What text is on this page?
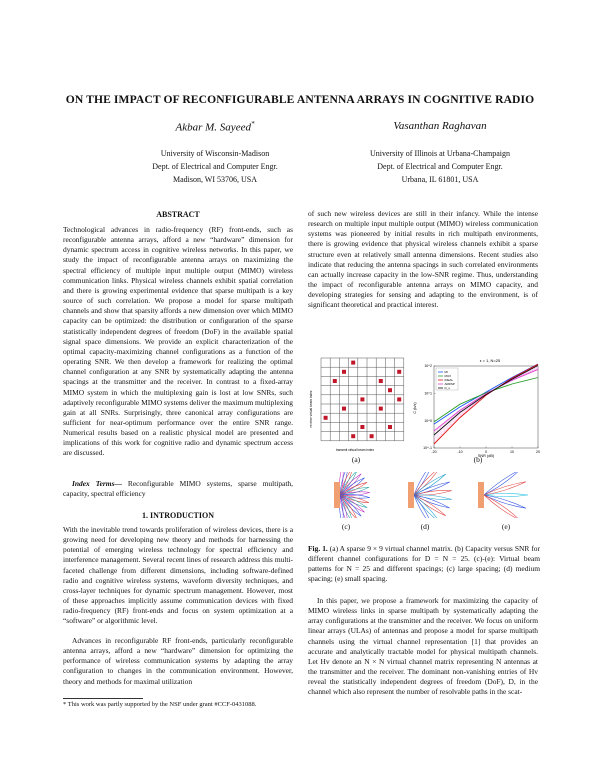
ON THE IMPACT OF RECONFIGURABLE ANTENNA ARRAYS IN COGNITIVE RADIO
Akbar M. Sayeed*
University of Wisconsin-Madison
Dept. of Electrical and Computer Engr.
Madison, WI 53706, USA
Vasanthan Raghavan
University of Illinois at Urbana-Champaign
Dept. of Electrical and Computer Engr.
Urbana, IL 61801, USA
ABSTRACT
Technological advances in radio-frequency (RF) front-ends, such as reconfigurable antenna arrays, afford a new “hardware” dimension for dynamic spectrum access in cognitive wireless networks. In this paper, we study the impact of reconfigurable antenna arrays on maximizing the spectral efficiency of multiple input multiple output (MIMO) wireless communication links. Physical wireless channels exhibit spatial correlation and there is growing experimental evidence that sparse multipath is a key source of such correlation. We propose a model for sparse multipath channels and show that sparsity affords a new dimension over which MIMO capacity can be optimized: the distribution or configuration of the sparse statistically independent degrees of freedom (DoF) in the available spatial signal space dimensions. We provide an explicit characterization of the optimal capacity-maximizing channel configurations as a function of the operating SNR. We then develop a framework for realizing the optimal channel configuration at any SNR by systematically adapting the antenna spacings at the transmitter and the receiver. In contrast to a fixed-array MIMO system in which the multiplexing gain is lost at low SNRs, such adaptively reconfigurable MIMO systems deliver the maximum multiplexing gain at all SNRs. Surprisingly, three canonical array configurations are sufficient for near-optimum performance over the entire SNR range. Numerical results based on a realistic physical model are presented and implications of this work for cognitive radio and dynamic spectrum access are discussed.
Index Terms— Reconfigurable MIMO systems, sparse multipath, capacity, spectral efficiency
1. INTRODUCTION
With the inevitable trend towards proliferation of wireless devices, there is a growing need for developing new theory and methods for harnessing the potential of emerging wireless technology for spectral efficiency and interference management. Several recent lines of research address this multi-faceted challenge from different dimensions, including software-defined radio and cognitive wireless systems, waveform diversity techniques, and cross-layer techniques for dynamic spectrum management. However, most of these approaches implicitly assume communication devices with fixed radio-frequency (RF) front-ends and focus on system optimization at a “software” or algorithmic level.
Advances in reconfigurable RF front-ends, particularly reconfigurable antenna arrays, afford a new “hardware” dimension for optimizing the performance of wireless communication systems by adapting the array configuration to changes in the communication environment. However, theory and methods for maximal utilization
* This work was partly supported by the NSF under grant #CCF-0431088.
of such new wireless devices are still in their infancy. While the intense research on multiple input multiple output (MIMO) wireless communication systems was pioneered by initial results in rich multipath environments, there is growing evidence that physical wireless channels exhibit a sparse structure even at relatively small antenna dimensions. Recent studies also indicate that reducing the antenna spacings in such correlated environments can actually increase capacity in the low-SNR regime. Thus, understanding the impact of reconfigurable antenna arrays on MIMO capacity, and developing strategies for sensing and adapting to the environment, is of significant theoretical and practical interest.
transmit virtual beam index
receive virtual beam index
(a)
-20	-10	0	10	20
10^-1
10^0
10^1
10^2
MI
MUX
IDEAL
ARRSP
D_s
ε = 1, N=25
SNR (dB)
C (b/s)
(b)
(c)	(d)	(e)
Fig. 1. (a) A sparse 9 × 9 virtual channel matrix. (b) Capacity versus SNR for different channel configurations for D = N = 25. (c)-(e): Virtual beam patterns for N = 25 and different spacings; (c) large spacing; (d) medium spacing; (e) small spacing.
In this paper, we propose a framework for maximizing the capacity of MIMO wireless links in sparse multipath by systematically adapting the array configurations at the transmitter and the receiver. We focus on uniform linear arrays (ULAs) of antennas and propose a model for sparse multipath channels using the virtual channel representation [1] that provides an accurate and analytically tractable model for physical multipath channels. Let Hv denote an N × N virtual channel matrix representing N antennas at the transmitter and the receiver. The dominant non-vanishing entries of Hv reveal the statistically independent degrees of freedom (DoF), D, in the channel which also represent the number of resolvable paths in the scat-
